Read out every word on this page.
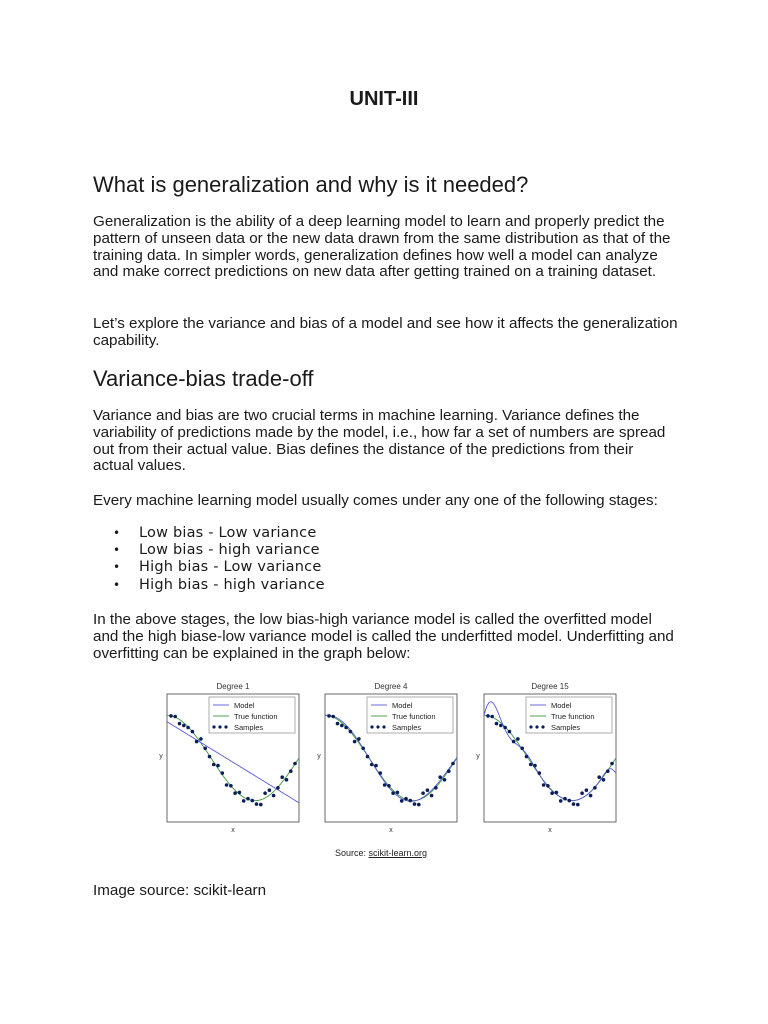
UNIT-III
What is generalization and why is it needed?

Generalization is the ability of a deep learning model to learn and properly predict the pattern of unseen data or the new data drawn from the same distribution as that of the training data. In simpler words, generalization defines how well a model can analyze and make correct predictions on new data after getting trained on a training dataset.

Let’s explore the variance and bias of a model and see how it affects the generalization capability.

Variance-bias trade-off

Variance and bias are two crucial terms in machine learning. Variance defines the variability of predictions made by the model, i.e., how far a set of numbers are spread out from their actual value. Bias defines the distance of the predictions from their actual values.

Every machine learning model usually comes under any one of the following stages:

• Low bias - Low variance
• Low bias - high variance
• High bias - Low variance
• High bias - high variance

In the above stages, the low bias-high variance model is called the overfitted model and the high biase-low variance model is called the underfitted model. Underfitting and overfitting can be explained in the graph below:

Image source: scikit-learn

Degree 1
Model
True function
Samples
x
y
Degree 4
Model
True function
Samples
x
y
Degree 15
Model
True function
Samples
x
y
Source: scikit-learn.org
